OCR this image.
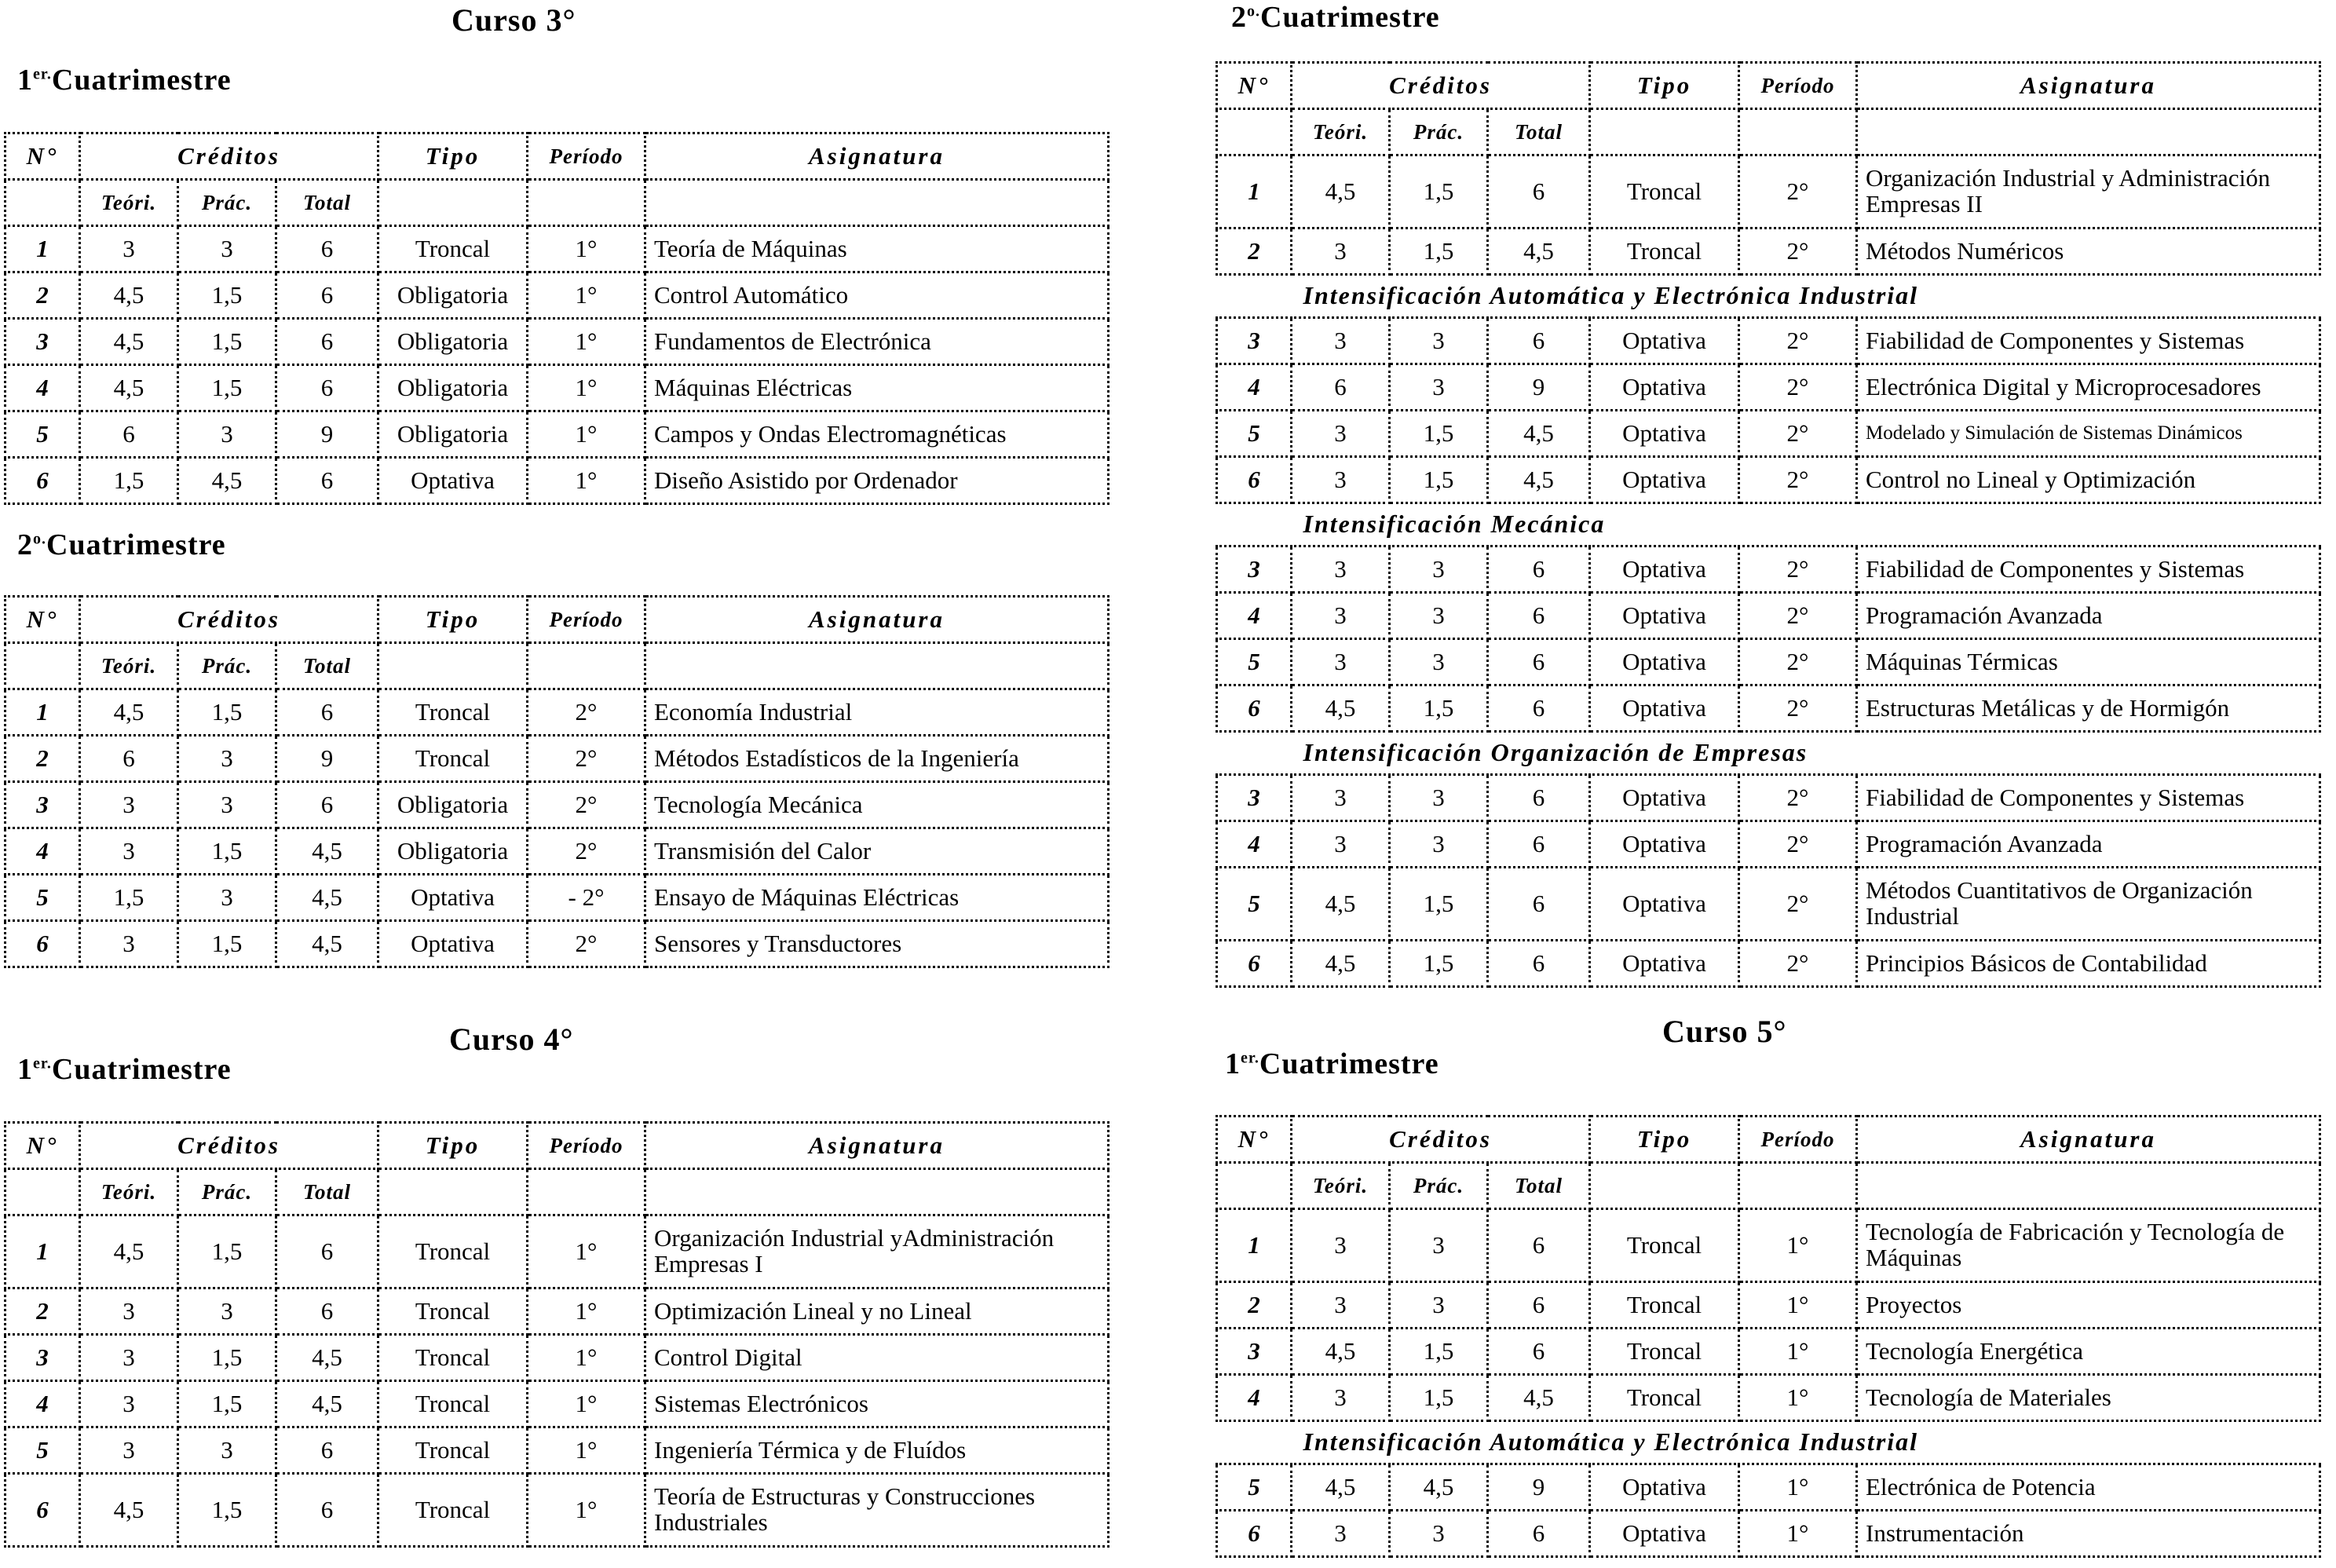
Curso 3°
$1^{er.}Cuatrimestre$
N°	Créditos			Tipo	Período	Asignatura
	Teóri.	Prác.	Total			
1	3	3	6	Troncal	1°	Teoría de Máquinas
2	4,5	1,5	6	Obligatoria	1°	Control Automático
3	4,5	1,5	6	Obligatoria	1°	Fundamentos de Electrónica
4	4,5	1,5	6	Obligatoria	1°	Máquinas Eléctricas
5	6	3	9	Obligatoria	1°	Campos y Ondas Electromagnéticas
6	1,5	4,5	6	Optativa	1°	Diseño Asistido por Ordenador
$2^{o.}Cuatrimestre$
N°	Créditos			Tipo	Período	Asignatura
	Teóri.	Prác.	Total			
1	4,5	1,5	6	Troncal	2°	Economía Industrial
2	6	3	9	Troncal	2°	Métodos Estadísticos de la Ingeniería
3	3	3	6	Obligatoria	2°	Tecnología Mecánica
4	3	1,5	4,5	Obligatoria	2°	Transmisión del Calor
5	1,5	3	4,5	Optativa	- 2°	Ensayo de Máquinas Eléctricas
6	3	1,5	4,5	Optativa	2°	Sensores y Transductores
Curso 4°
$1^{er.}Cuatrimestre$
N°	Créditos			Tipo	Período	Asignatura
	Teóri.	Prác.	Total			
1	4,5	1,5	6	Troncal	1°	Organización Industrial yAdministración Empresas I
2	3	3	6	Troncal	1°	Optimización Lineal y no Lineal
3	3	1,5	4,5	Troncal	1°	Control Digital
4	3	1,5	4,5	Troncal	1°	Sistemas Electrónicos
5	3	3	6	Troncal	1°	Ingeniería Térmica y de Fluídos
6	4,5	1,5	6	Troncal	1°	Teoría de Estructuras y Construcciones Industriales
$2^{o.}Cuatrimestre$
N°	Créditos			Tipo	Período	Asignatura
	Teóri.	Prác.	Total			
1	4,5	1,5	6	Troncal	2°	Organización Industrial y Administración Empresas II
2	3	1,5	4,5	Troncal	2°	Métodos Numéricos
Intensificación Automática y Electrónica Industrial						
3	3	3	6	Optativa	2°	Fiabilidad de Componentes y Sistemas
4	6	3	9	Optativa	2°	Electrónica Digital y Microprocesadores
5	3	1,5	4,5	Optativa	2°	Modelado y Simulación de Sistemas Dinámicos
6	3	1,5	4,5	Optativa	2°	Control no Lineal y Optimización
Intensificación Mecánica						
3	3	3	6	Optativa	2°	Fiabilidad de Componentes y Sistemas
4	3	3	6	Optativa	2°	Programación Avanzada
5	3	3	6	Optativa	2°	Máquinas Térmicas
6	4,5	1,5	6	Optativa	2°	Estructuras Metálicas y de Hormigón
Intensificación Organización de Empresas						
3	3	3	6	Optativa	2°	Fiabilidad de Componentes y Sistemas
4	3	3	6	Optativa	2°	Programación Avanzada
5	4,5	1,5	6	Optativa	2°	Métodos Cuantitativos de Organización Industrial
6	4,5	1,5	6	Optativa	2°	Principios Básicos de Contabilidad
Curso 5°
$1^{er.}Cuatrimestre$
N°	Créditos			Tipo	Período	Asignatura
	Teóri.	Prác.	Total			
1	3	3	6	Troncal	1°	Tecnología de Fabricación y Tecnología de Máquinas
2	3	3	6	Troncal	1°	Proyectos
3	4,5	1,5	6	Troncal	1°	Tecnología Energética
4	3	1,5	4,5	Troncal	1°	Tecnología de Materiales
Intensificación Automática y Electrónica Industrial						
5	4,5	4,5	9	Optativa	1°	Electrónica de Potencia
6	3	3	6	Optativa	1°	Instrumentación
